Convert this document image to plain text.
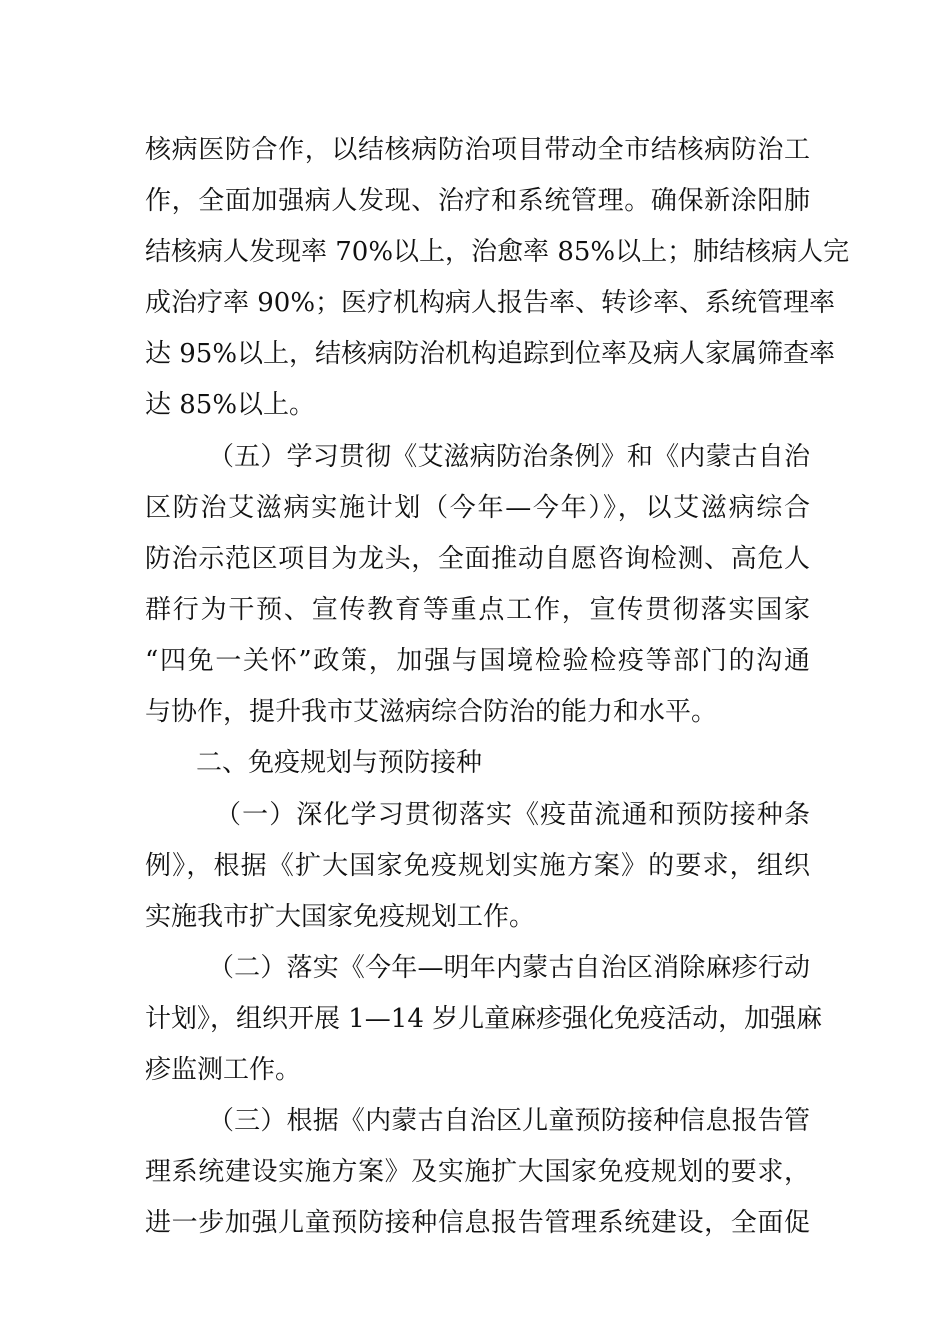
核病医防合作，以结核病防治项目带动全市结核病防治工
作，全面加强病人发现、治疗和系统管理。确保新涂阳肺
结核病人发现率 70%以上，治愈率 85%以上；肺结核病人完
成治疗率 90%；医疗机构病人报告率、转诊率、系统管理率
达 95%以上，结核病防治机构追踪到位率及病人家属筛查率
达 85%以上。
（五）学习贯彻《艾滋病防治条例》和《内蒙古自治
区防治艾滋病实施计划（今年—今年）》，以艾滋病综合
防治示范区项目为龙头，全面推动自愿咨询检测、高危人
群行为干预、宣传教育等重点工作，宣传贯彻落实国家
“四免一关怀”政策，加强与国境检验检疫等部门的沟通
与协作，提升我市艾滋病综合防治的能力和水平。
二、免疫规划与预防接种
（一）深化学习贯彻落实《疫苗流通和预防接种条
例》，根据《扩大国家免疫规划实施方案》的要求，组织
实施我市扩大国家免疫规划工作。
（二）落实《今年—明年内蒙古自治区消除麻疹行动
计划》，组织开展 1—14 岁儿童麻疹强化免疫活动，加强麻
疹监测工作。
（三）根据《内蒙古自治区儿童预防接种信息报告管
理系统建设实施方案》及实施扩大国家免疫规划的要求，
进一步加强儿童预防接种信息报告管理系统建设，全面促
